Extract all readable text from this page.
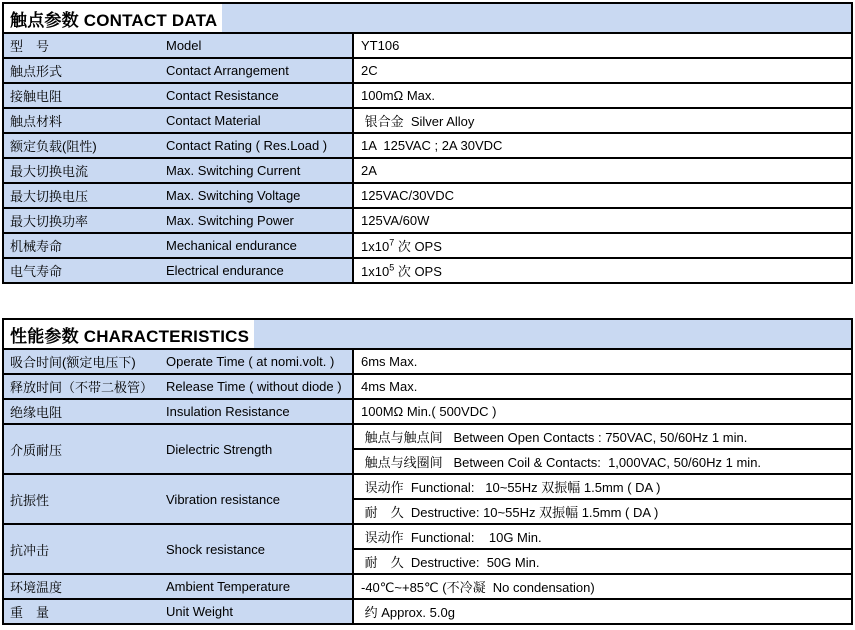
触点参数 CONTACT DATA		

型　号	Model	YT106
触点形式	Contact Arrangement	2C
接触电阻	Contact Resistance	100mΩ Max.
触点材料	Contact Material	银合金  Silver Alloy
额定负载(阻性)	Contact Rating ( Res.Load )	1A  125VAC ; 2A 30VDC
最大切换电流	Max. Switching Current	2A
最大切换电压	Max. Switching Voltage	125VAC/30VDC
最大切换功率	Max. Switching Power	125VA/60W
机械寿命	Mechanical endurance	$1x10^7$ 次 OPS
电气寿命	Electrical endurance	$1x10^5$ 次 OPS
性能参数 CHARACTERISTICS		

吸合时间(额定电压下)	Operate Time ( at nomi.volt. )	6ms Max.
释放时间（不带二极管）	Release Time ( without diode )	4ms Max.
绝缘电阻	Insulation Resistance	100MΩ Min.( 500VDC )
介质耐压	Dielectric Strength	触点与触点间   Between Open Contacts : 750VAC, 50/60Hz 1 min.
		触点与线圈间   Between Coil & Contacts:  1,000VAC, 50/60Hz 1 min.
抗振性	Vibration resistance	误动作  Functional:   10~55Hz 双振幅 1.5mm ( DA )
		耐　久  Destructive: 10~55Hz 双振幅 1.5mm ( DA )
抗冲击	Shock resistance	误动作  Functional:    10G Min.
		耐　久  Destructive:  50G Min.
环境温度	Ambient Temperature	-40℃~+85℃ (不冷凝  No condensation)
重　量	Unit Weight	约 Approx. 5.0g
